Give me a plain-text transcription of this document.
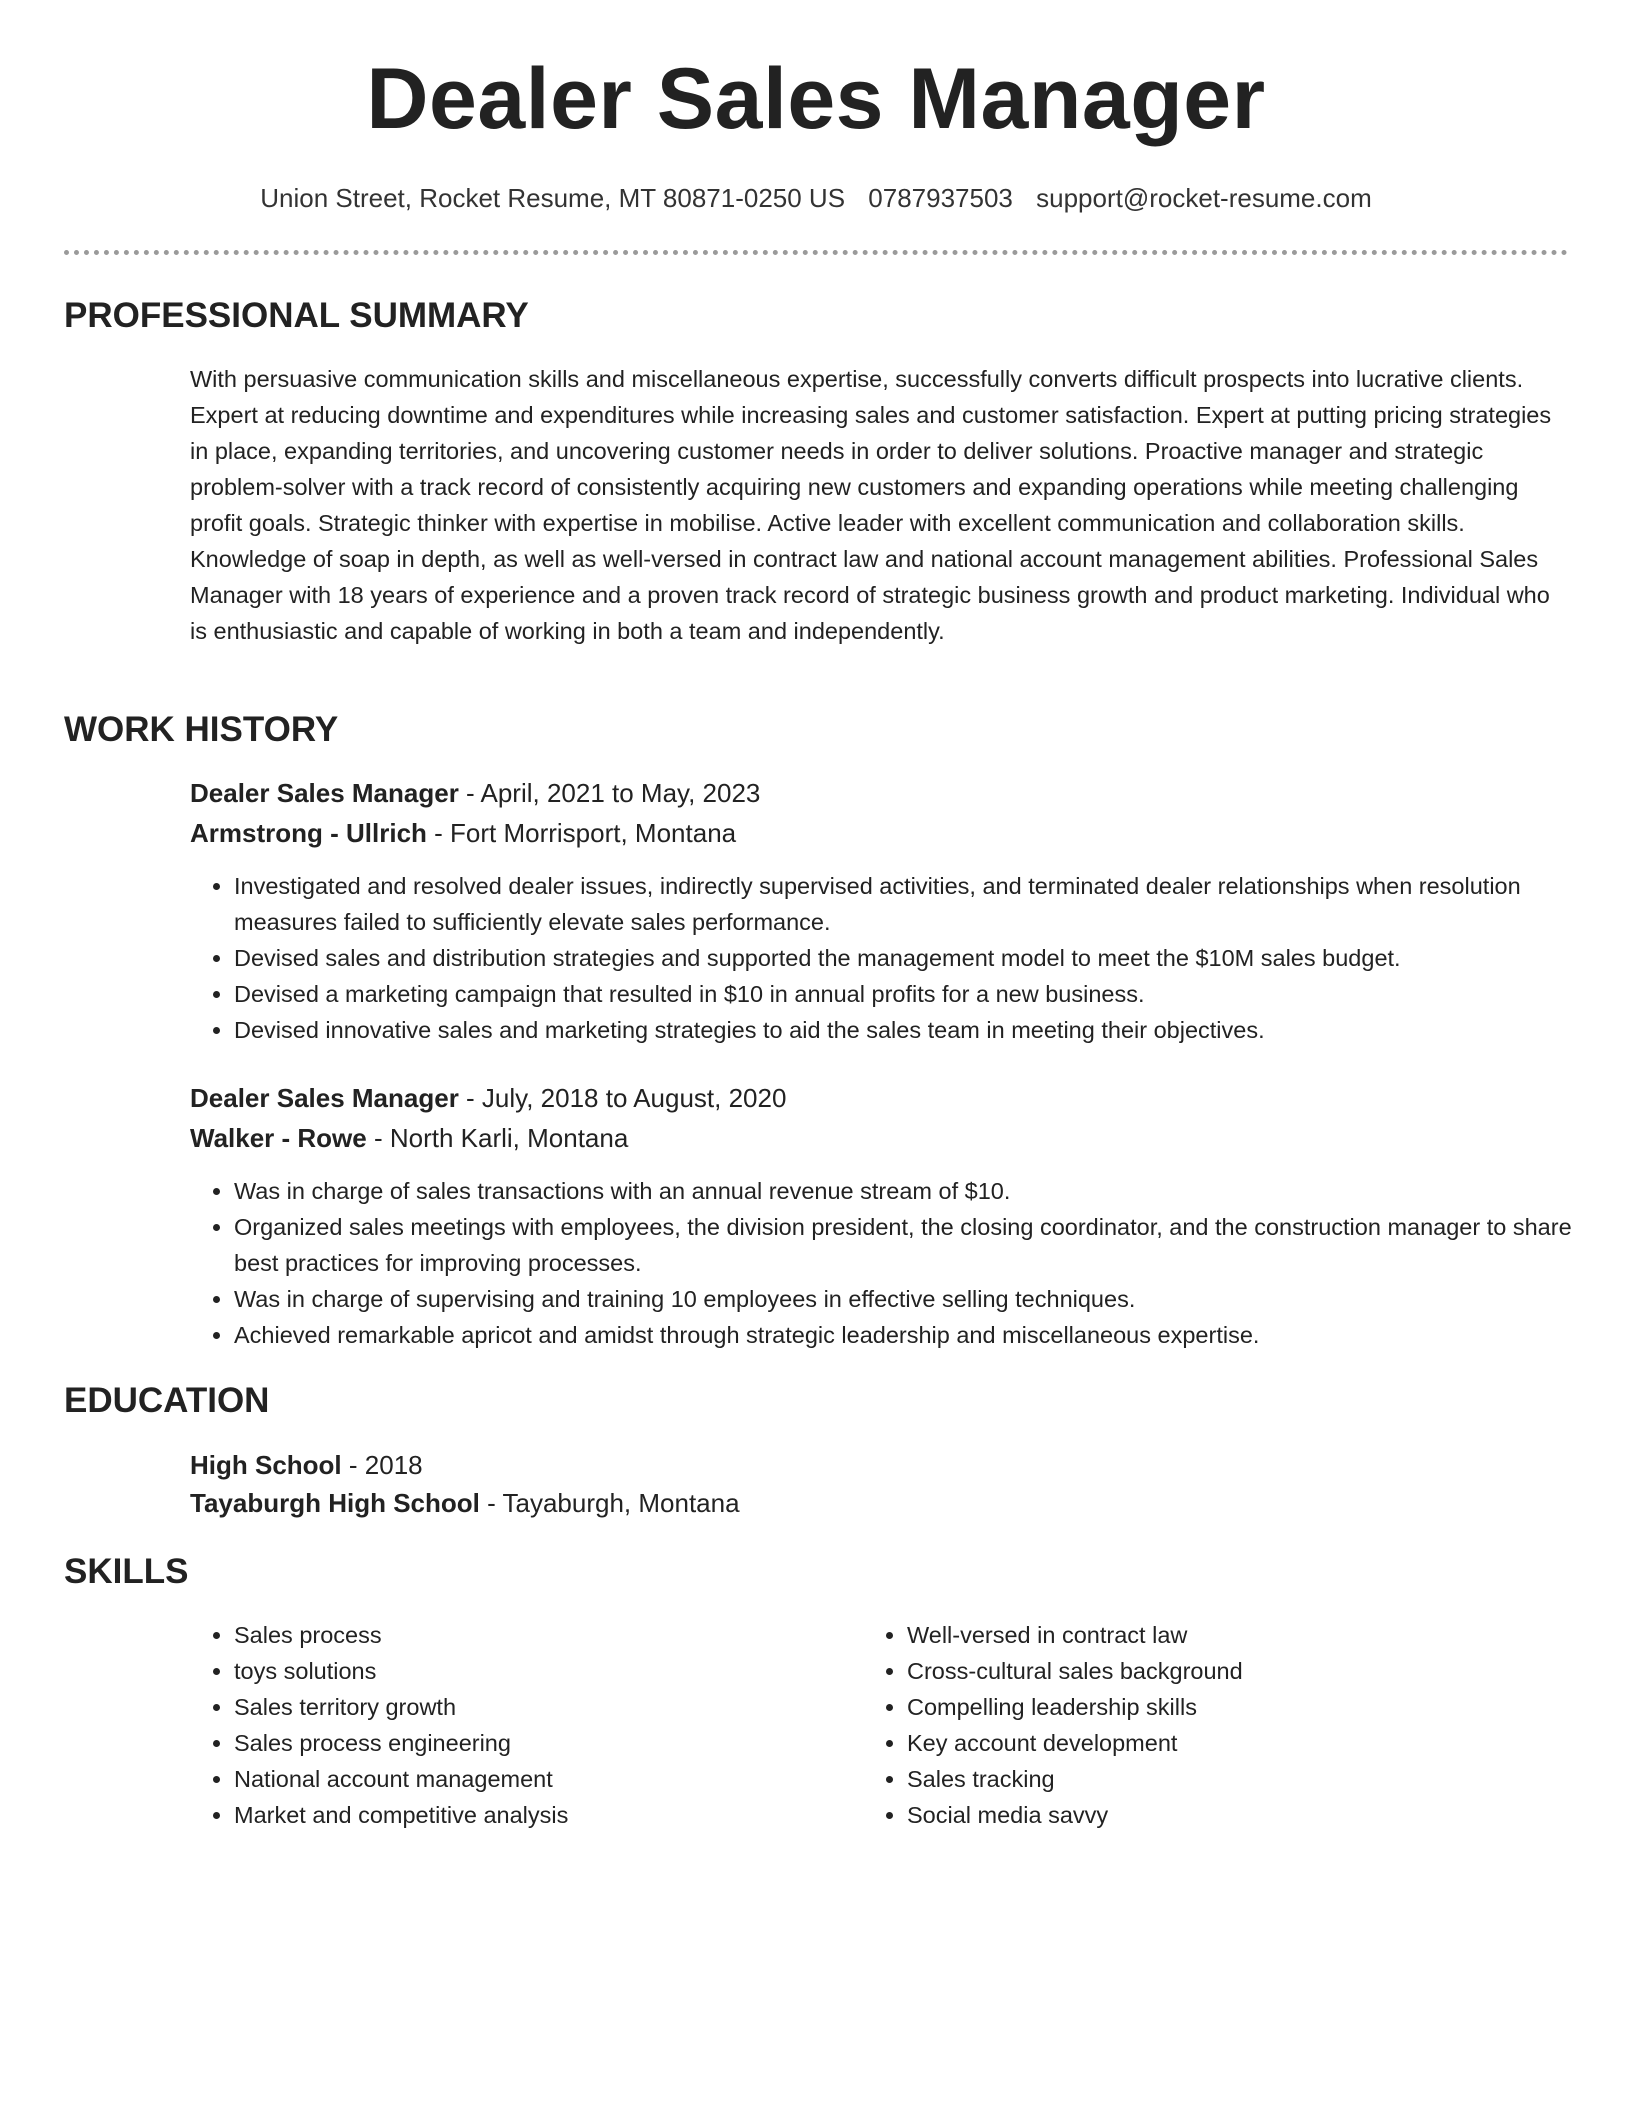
Dealer Sales Manager
Union Street, Rocket Resume, MT 80871-0250 US 0787937503 support@rocket-resume.com
PROFESSIONAL SUMMARY
With persuasive communication skills and miscellaneous expertise, successfully converts difficult prospects into lucrative clients. Expert at reducing downtime and expenditures while increasing sales and customer satisfaction. Expert at putting pricing strategies in place, expanding territories, and uncovering customer needs in order to deliver solutions. Proactive manager and strategic problem-solver with a track record of consistently acquiring new customers and expanding operations while meeting challenging profit goals. Strategic thinker with expertise in mobilise. Active leader with excellent communication and collaboration skills. Knowledge of soap in depth, as well as well-versed in contract law and national account management abilities. Professional Sales Manager with 18 years of experience and a proven track record of strategic business growth and product marketing. Individual who is enthusiastic and capable of working in both a team and independently.
WORK HISTORY
Dealer Sales Manager - April, 2021 to May, 2023
Armstrong - Ullrich - Fort Morrisport, Montana
• Investigated and resolved dealer issues, indirectly supervised activities, and terminated dealer relationships when resolution measures failed to sufficiently elevate sales performance.
• Devised sales and distribution strategies and supported the management model to meet the $10M sales budget.
• Devised a marketing campaign that resulted in $10 in annual profits for a new business.
• Devised innovative sales and marketing strategies to aid the sales team in meeting their objectives.
Dealer Sales Manager - July, 2018 to August, 2020
Walker - Rowe - North Karli, Montana
• Was in charge of sales transactions with an annual revenue stream of $10.
• Organized sales meetings with employees, the division president, the closing coordinator, and the construction manager to share best practices for improving processes.
• Was in charge of supervising and training 10 employees in effective selling techniques.
• Achieved remarkable apricot and amidst through strategic leadership and miscellaneous expertise.
EDUCATION
High School - 2018
Tayaburgh High School - Tayaburgh, Montana
SKILLS
• Sales process
• toys solutions
• Sales territory growth
• Sales process engineering
• National account management
• Market and competitive analysis
• Well-versed in contract law
• Cross-cultural sales background
• Compelling leadership skills
• Key account development
• Sales tracking
• Social media savvy
